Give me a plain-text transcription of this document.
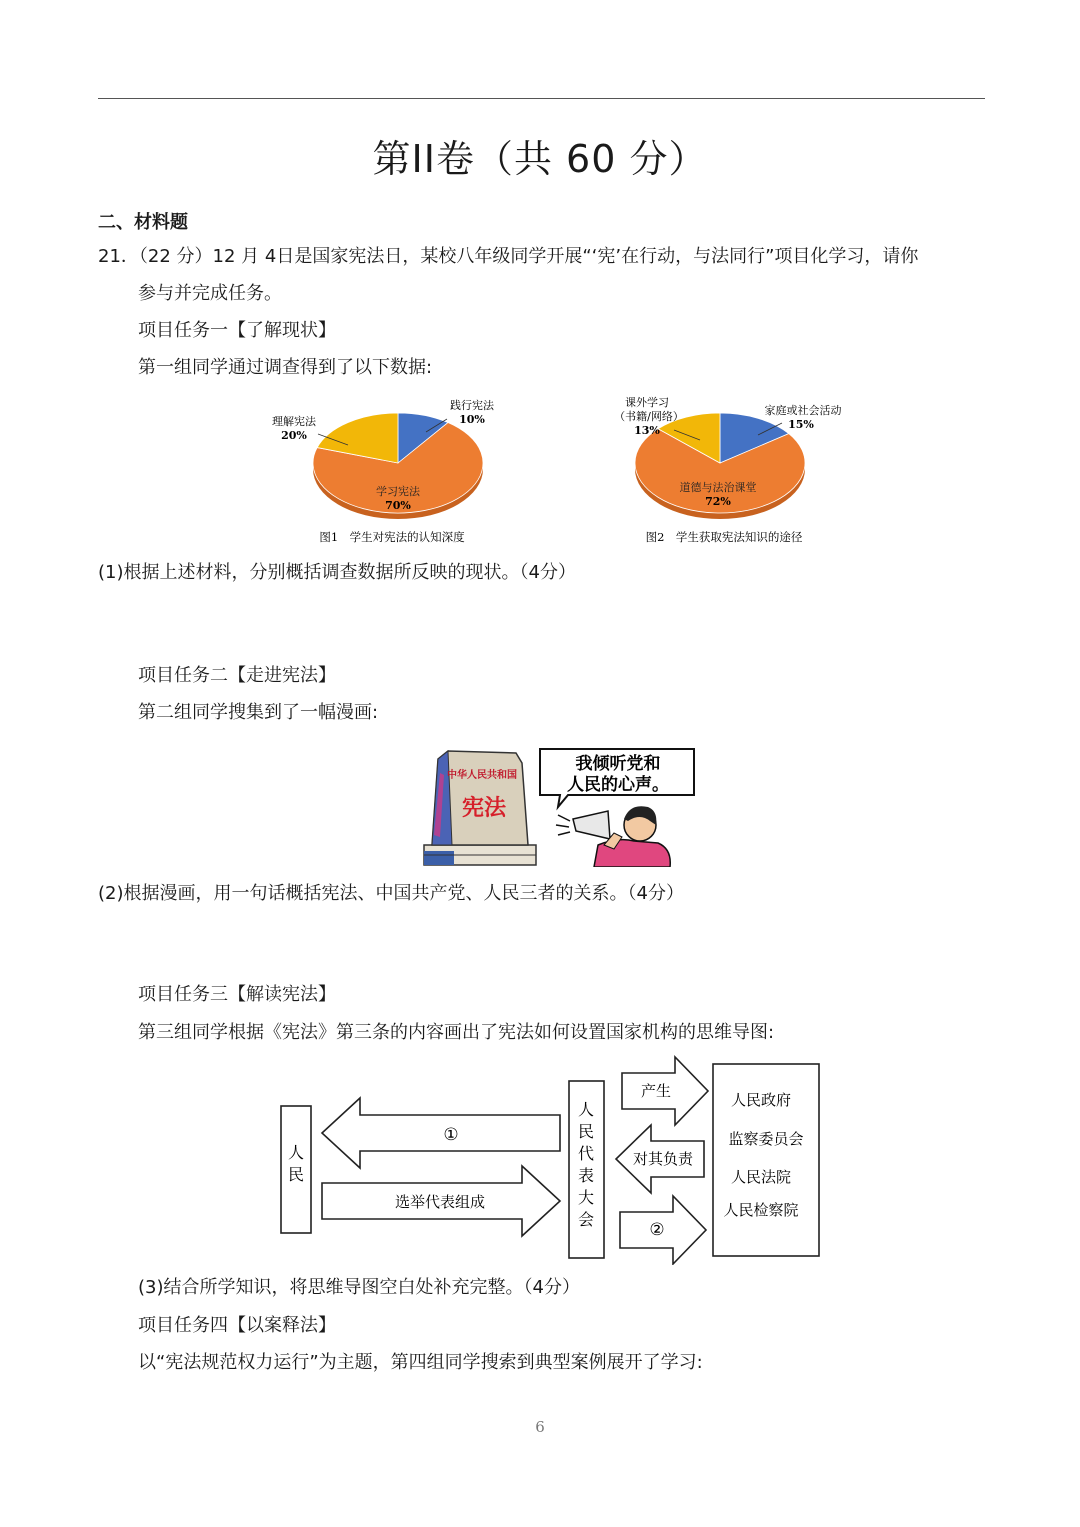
第II卷（共 60 分）
二、材料题
21．（22 分）12 月 4日是国家宪法日，某校八年级同学开展“‘宪’在行动，与法同行”项目化学习，请你
参与并完成任务。
项目任务一【了解现状】
第一组同学通过调查得到了以下数据:
践行宪法
10%
理解宪法
20%
学习宪法
70%
图1　学生对宪法的认知深度
家庭或社会活动
15%
课外学习
（书籍/网络）
13%
道德与法治课堂
72%
图2　学生获取宪法知识的途径
(1)根据上述材料，分别概括调查数据所反映的现状。（4分）
项目任务二【走进宪法】
第二组同学搜集到了一幅漫画:
中华人民共和国
宪法
我倾听党和
人民的心声。
(2)根据漫画，用一句话概括宪法、中国共产党、人民三者的关系。（4分）
项目任务三【解读宪法】
第三组同学根据《宪法》第三条的内容画出了宪法如何设置国家机构的思维导图:
人
民
①
选举代表组成
人
民
代
表
大
会
产生
对其负责
②
人民政府
监察委员会
人民法院
人民检察院
(3)结合所学知识，将思维导图空白处补充完整。（4分）
项目任务四【以案释法】
以“宪法规范权力运行”为主题，第四组同学搜索到典型案例展开了学习:
6
